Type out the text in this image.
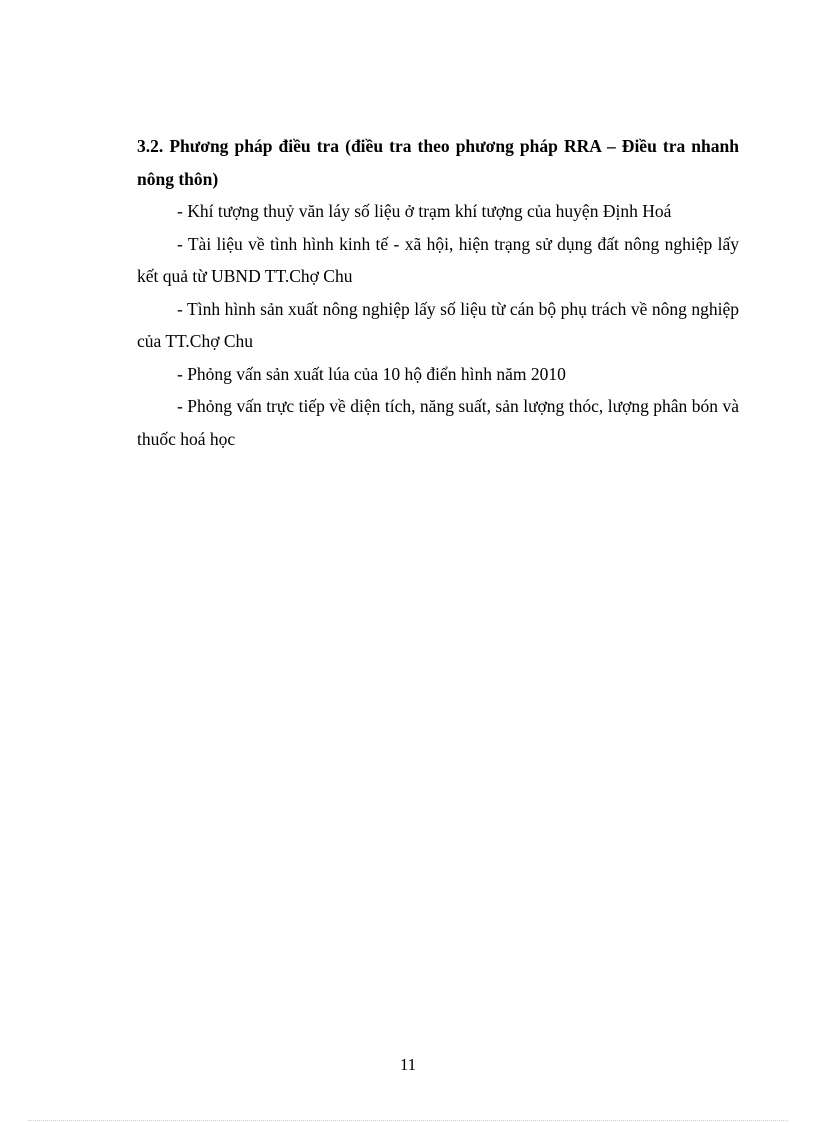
3.2. Phương pháp điều tra (điều tra theo phương pháp RRA – Điều tra nhanh nông thôn)

- Khí tượng thuỷ văn láy số liệu ở trạm khí tượng của huyện Định Hoá

- Tài liệu về tình hình kinh tế - xã hội, hiện trạng sử dụng đất nông nghiệp lấy kết quả từ UBND TT.Chợ Chu

- Tình hình sản xuất nông nghiệp lấy số liệu từ cán bộ phụ trách về nông nghiệp của TT.Chợ Chu

- Phỏng vấn sản xuất lúa của 10 hộ điển hình năm 2010

- Phỏng vấn trực tiếp về diện tích, năng suất, sản lượng thóc, lượng phân bón và thuốc hoá học

11
